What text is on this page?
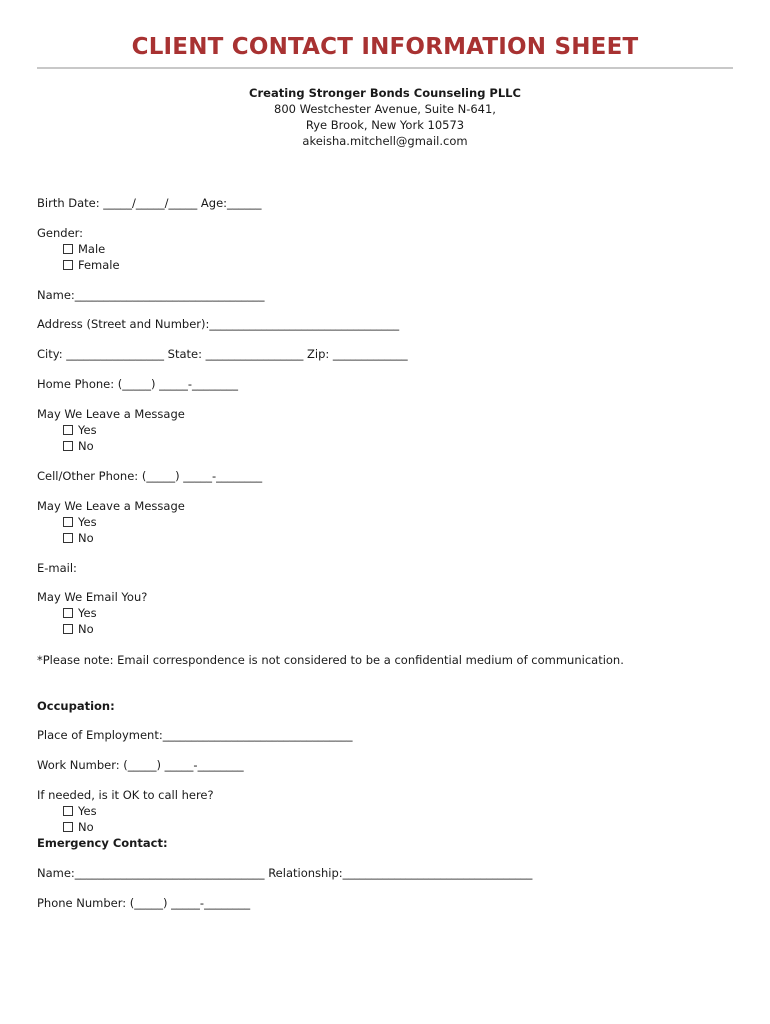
CLIENT CONTACT INFORMATION SHEET
Creating Stronger Bonds Counseling PLLC
800 Westchester Avenue, Suite N-641,
Rye Brook, New York 10573
akeisha.mitchell@gmail.com
Birth Date: _____/_____/_____ Age:______
Gender:
Male
Female
Name:_________________________________
Address (Street and Number):_________________________________
City: _________________ State: _________________ Zip: _____________
Home Phone: (_____) _____-________
May We Leave a Message
Yes
No
Cell/Other Phone: (_____) _____-________
May We Leave a Message
Yes
No
E-mail:
May We Email You?
Yes
No
*Please note: Email correspondence is not considered to be a confidential medium of communication.
Occupation:
Place of Employment:_________________________________
Work Number: (_____) _____-________
If needed, is it OK to call here?
Yes
No
Emergency Contact:
Name:_________________________________ Relationship:_________________________________
Phone Number: (_____) _____-________
